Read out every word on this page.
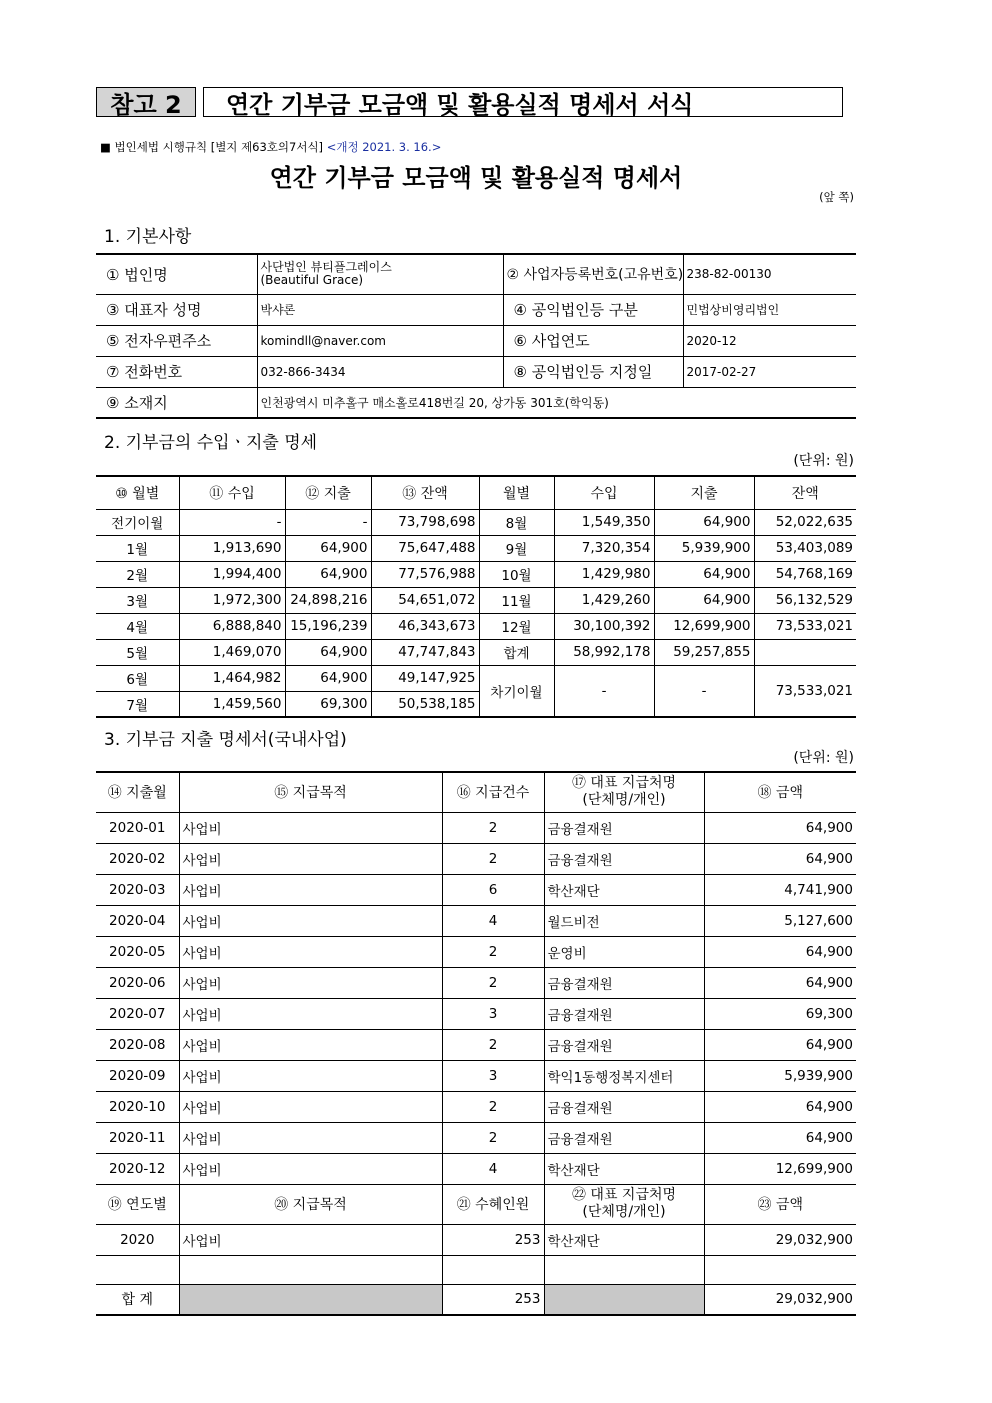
참고 2	연간 기부금 모금액 및 활용실적 명세서 서식
■ 법인세법 시행규칙 [별지 제63호의7서식] <개정 2021. 3. 16.>
연간 기부금 모금액 및 활용실적 명세서
(앞 쪽)
1. 기본사항
① 법인명	사단법인 뷰티플그레이스
(Beautiful Grace)	② 사업자등록번호(고유번호)	238-82-00130
③ 대표자 성명	박샤론	④ 공익법인등 구분	민법상비영리법인
⑤ 전자우편주소	komindll@naver.com	⑥ 사업연도	2020-12
⑦ 전화번호	032-866-3434	⑧ 공익법인등 지정일	2017-02-27
⑨ 소재지	인천광역시 미추홀구 매소홀로418번길 20, 상가동 301호(학익동)		
2. 기부금의 수입ㆍ지출 명세
(단위: 원)
⑩ 월별	⑪ 수입	⑫ 지출	⑬ 잔액	월별	수입	지출	잔액
전기이월	-	-	73,798,698	8월	1,549,350	64,900	52,022,635
1월	1,913,690	64,900	75,647,488	9월	7,320,354	5,939,900	53,403,089
2월	1,994,400	64,900	77,576,988	10월	1,429,980	64,900	54,768,169
3월	1,972,300	24,898,216	54,651,072	11월	1,429,260	64,900	56,132,529
4월	6,888,840	15,196,239	46,343,673	12월	30,100,392	12,699,900	73,533,021
5월	1,469,070	64,900	47,747,843	합계	58,992,178	59,257,855	
6월	1,464,982	64,900	49,147,925	차기이월	-	-	73,533,021
7월	1,459,560	69,300	50,538,185				
3. 기부금 지출 명세서(국내사업)
(단위: 원)
⑭ 지출월	⑮ 지급목적	⑯ 지급건수	⑰ 대표 지급처명
(단체명/개인)	⑱ 금액
2020-01	사업비	2	금융결재원	64,900
2020-02	사업비	2	금융결재원	64,900
2020-03	사업비	6	학산재단	4,741,900
2020-04	사업비	4	월드비전	5,127,600
2020-05	사업비	2	운영비	64,900
2020-06	사업비	2	금융결재원	64,900
2020-07	사업비	3	금융결재원	69,300
2020-08	사업비	2	금융결재원	64,900
2020-09	사업비	3	학익1동행정복지센터	5,939,900
2020-10	사업비	2	금융결재원	64,900
2020-11	사업비	2	금융결재원	64,900
2020-12	사업비	4	학산재단	12,699,900
⑲ 연도별	⑳ 지급목적	㉑ 수혜인원	㉒ 대표 지급처명
(단체명/개인)	㉓ 금액
2020	사업비	253	학산재단	29,032,900

합 계		253		29,032,900
